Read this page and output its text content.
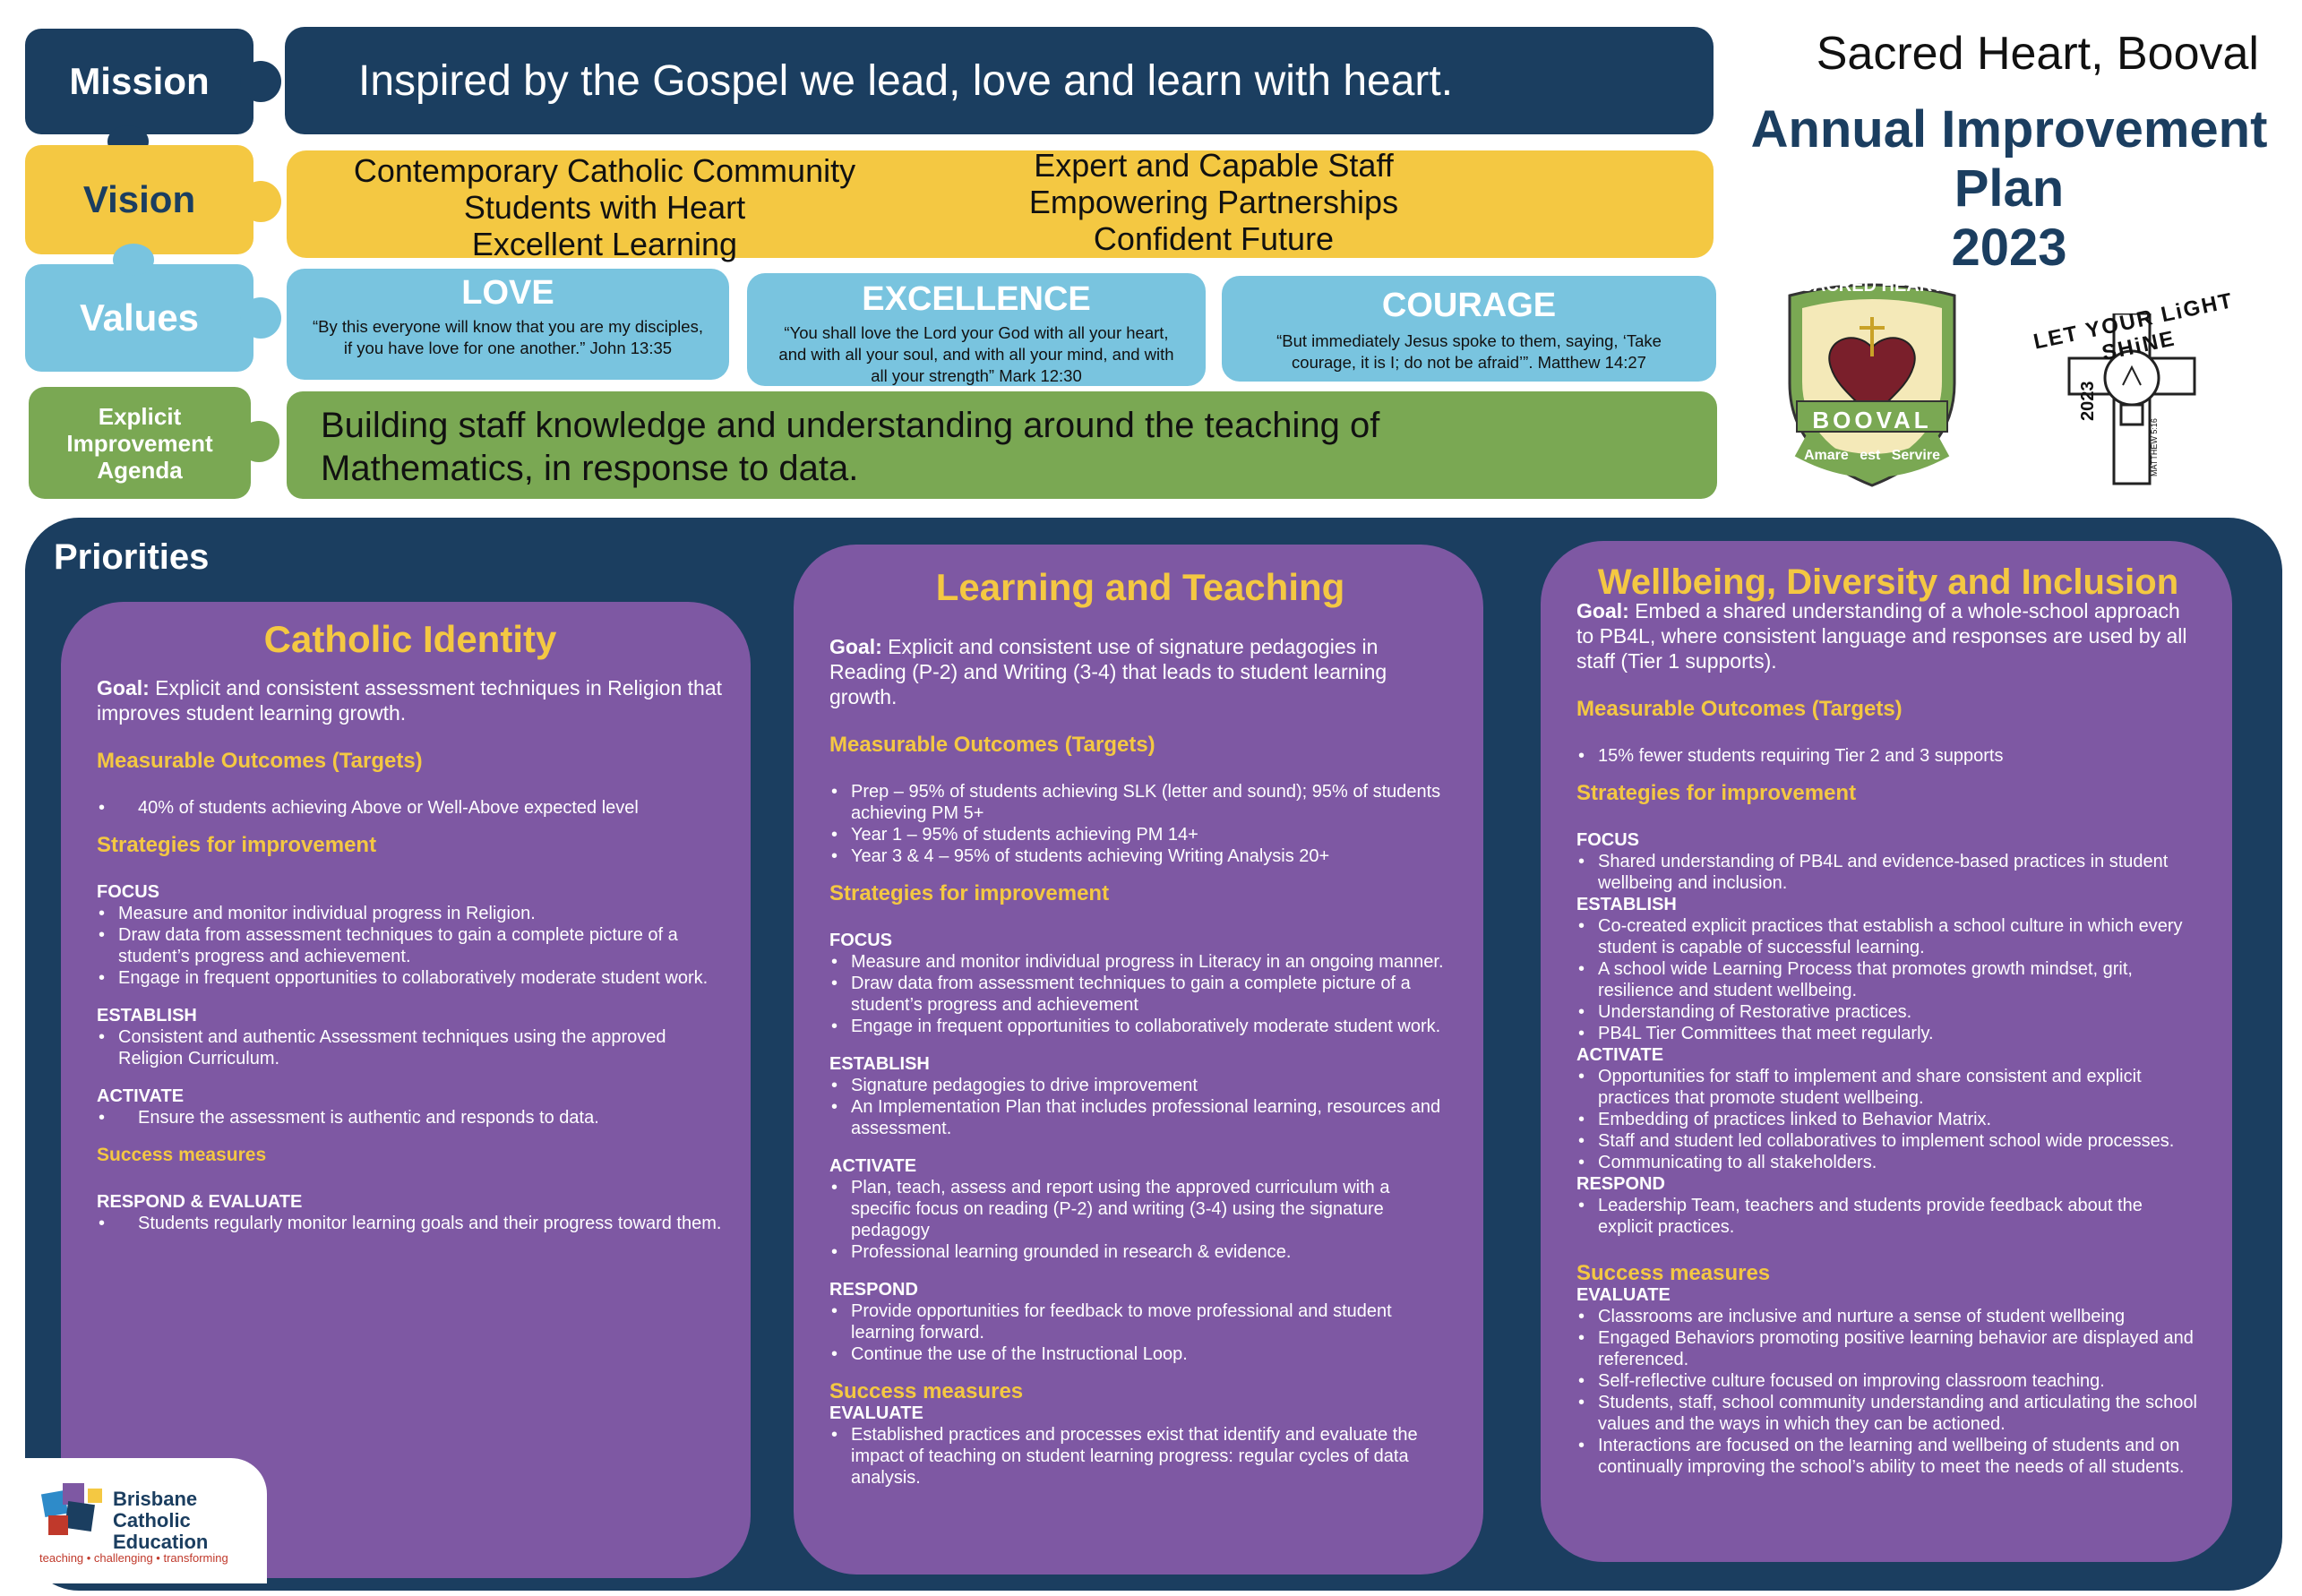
Mission
Vision
Values
Explicit Improvement Agenda
Inspired by the Gospel we lead, love and learn with heart.
Contemporary Catholic Community
Students with Heart
Excellent Learning
Expert and Capable Staff
Empowering Partnerships
Confident Future
LOVE
“By this everyone will know that you are my disciples, if you have love for one another.” John 13:35
EXCELLENCE
“You shall love the Lord your God with all your heart, and with all your soul, and with all your mind, and with all your strength” Mark 12:30
COURAGE
“But immediately Jesus spoke to them, saying, ‘Take courage, it is I; do not be afraid’”. Matthew 14:27
Building staff knowledge and understanding around the teaching of Mathematics, in response to data.
Sacred Heart, Booval
Annual Improvement
Plan
2023
SACRED HEART
BOOVAL
Amare est Servire
LET YOUR LiGHT SHiNE
2023
MATTHEW 5:16
Priorities
Catholic Identity
Goal: Explicit and consistent assessment techniques in Religion that improves student learning growth.
Measurable Outcomes (Targets)
• 40% of students achieving Above or Well-Above expected level
Strategies for improvement
FOCUS
• Measure and monitor individual progress in Religion.
• Draw data from assessment techniques to gain a complete picture of a student’s progress and achievement.
• Engage in frequent opportunities to collaboratively moderate student work.
ESTABLISH
• Consistent and authentic Assessment techniques using the approved Religion Curriculum.
ACTIVATE
• Ensure the assessment is authentic and responds to data.
Success measures
RESPOND & EVALUATE
• Students regularly monitor learning goals and their progress toward them.
Learning and Teaching
Goal: Explicit and consistent use of signature pedagogies in Reading (P-2) and Writing (3-4) that leads to student learning growth.
Measurable Outcomes (Targets)
• Prep – 95% of students achieving SLK (letter and sound); 95% of students achieving PM 5+
• Year 1 – 95% of students achieving PM 14+
• Year 3 & 4 – 95% of students achieving Writing Analysis 20+
Strategies for improvement
FOCUS
• Measure and monitor individual progress in Literacy in an ongoing manner.
• Draw data from assessment techniques to gain a complete picture of a student’s progress and achievement
• Engage in frequent opportunities to collaboratively moderate student work.
ESTABLISH
• Signature pedagogies to drive improvement
• An Implementation Plan that includes professional learning, resources and assessment.
ACTIVATE
• Plan, teach, assess and report using the approved curriculum with a specific focus on reading (P-2) and writing (3-4) using the signature pedagogy
• Professional learning grounded in research & evidence.
RESPOND
• Provide opportunities for feedback to move professional and student learning forward.
• Continue the use of the Instructional Loop.
Success measures
EVALUATE
• Established practices and processes exist that identify and evaluate the impact of teaching on student learning progress: regular cycles of data analysis.
Wellbeing, Diversity and Inclusion
Goal: Embed a shared understanding of a whole-school approach to PB4L, where consistent language and responses are used by all staff (Tier 1 supports).
Measurable Outcomes (Targets)
• 15% fewer students requiring Tier 2 and 3 supports
Strategies for improvement
FOCUS
• Shared understanding of PB4L and evidence-based practices in student wellbeing and inclusion.
ESTABLISH
• Co-created explicit practices that establish a school culture in which every student is capable of successful learning.
• A school wide Learning Process that promotes growth mindset, grit, resilience and student wellbeing.
• Understanding of Restorative practices.
• PB4L Tier Committees that meet regularly.
ACTIVATE
• Opportunities for staff to implement and share consistent and explicit practices that promote student wellbeing.
• Embedding of practices linked to Behavior Matrix.
• Staff and student led collaboratives to implement school wide processes.
• Communicating to all stakeholders.
RESPOND
• Leadership Team, teachers and students provide feedback about the explicit practices.
Success measures
EVALUATE
• Classrooms are inclusive and nurture a sense of student wellbeing
• Engaged Behaviors promoting positive learning behavior are displayed and referenced.
• Self-reflective culture focused on improving classroom teaching.
• Students, staff, school community understanding and articulating the school values and the ways in which they can be actioned.
• Interactions are focused on the learning and wellbeing of students and on continually improving the school’s ability to meet the needs of all students.
Brisbane
Catholic
Education
teaching • challenging • transforming
